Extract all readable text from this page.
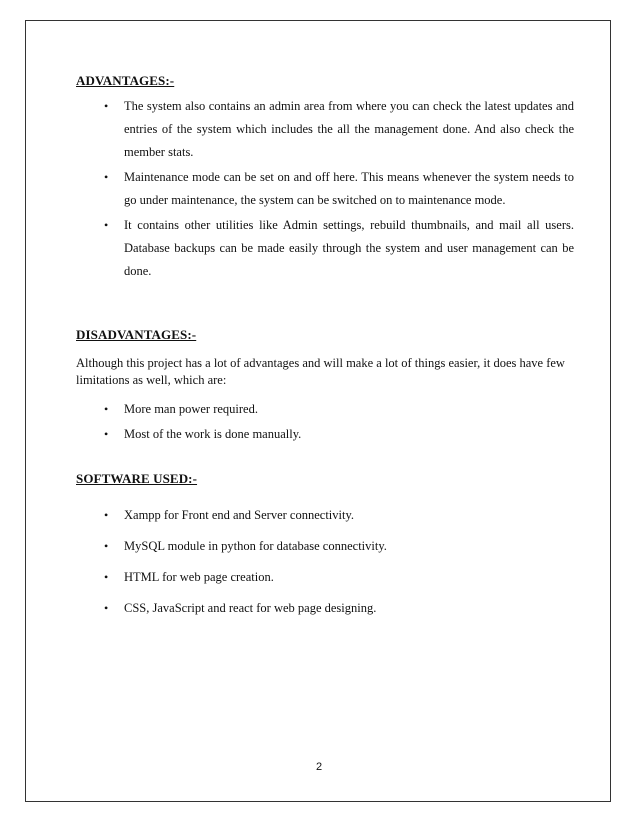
ADVANTAGES:-
• The system also contains an admin area from where you can check the latest updates and entries of the system which includes the all the management done. And also check the member stats.
• Maintenance mode can be set on and off here. This means whenever the system needs to go under maintenance, the system can be switched on to maintenance mode.
• It contains other utilities like Admin settings, rebuild thumbnails, and mail all users. Database backups can be made easily through the system and user management can be done.
DISADVANTAGES:-

Although this project has a lot of advantages and will make a lot of things easier, it does have few limitations as well, which are:

• More man power required.
• Most of the work is done manually.
SOFTWARE USED:-
• Xampp for Front end and Server connectivity.
• MySQL module in python for database connectivity.
• HTML for web page creation.
• CSS, JavaScript and react for web page designing.
2
